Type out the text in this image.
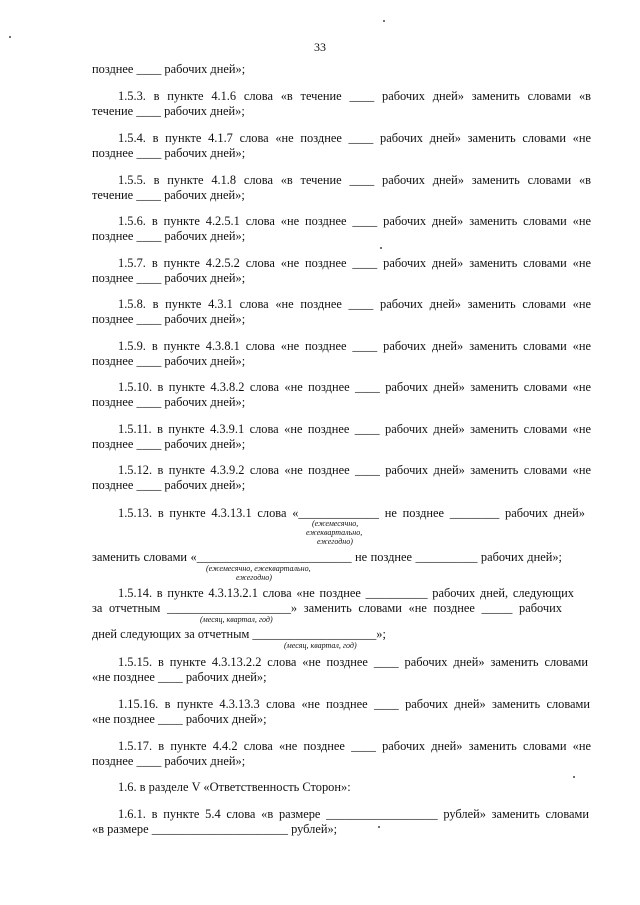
33
позднее ____ рабочих дней»;
1.5.3. в пункте 4.1.6 слова «в течение ____ рабочих дней» заменить словами «в
течение ____ рабочих дней»;
1.5.4. в пункте 4.1.7 слова «не позднее ____ рабочих дней» заменить словами «не
позднее ____ рабочих дней»;
1.5.5. в пункте 4.1.8 слова «в течение ____ рабочих дней» заменить словами «в
течение ____ рабочих дней»;
1.5.6. в пункте 4.2.5.1 слова «не позднее ____ рабочих дней» заменить словами «не
позднее ____ рабочих дней»;
1.5.7. в пункте 4.2.5.2 слова «не позднее ____ рабочих дней» заменить словами «не
позднее ____ рабочих дней»;
1.5.8. в пункте 4.3.1 слова «не позднее ____ рабочих дней» заменить словами «не
позднее ____ рабочих дней»;
1.5.9. в пункте 4.3.8.1 слова «не позднее ____ рабочих дней» заменить словами «не
позднее ____ рабочих дней»;
1.5.10. в пункте 4.3.8.2 слова «не позднее ____ рабочих дней» заменить словами «не
позднее ____ рабочих дней»;
1.5.11. в пункте 4.3.9.1 слова «не позднее ____ рабочих дней» заменить словами «не
позднее ____ рабочих дней»;
1.5.12. в пункте 4.3.9.2 слова «не позднее ____ рабочих дней» заменить словами «не
позднее ____ рабочих дней»;
1.5.13. в пункте 4.3.13.1 слова «_____________ не позднее ________ рабочих дней»
(ежемесячно,
ежеквартально,
ежегодно)
заменить словами «_________________________ не позднее __________ рабочих дней»;
(ежемесячно, ежеквартально,
ежегодно)
1.5.14. в пункте 4.3.13.2.1 слова «не позднее __________ рабочих дней, следующих
за отчетным ____________________» заменить словами «не позднее _____ рабочих
(месяц, квартал, год)
дней следующих за отчетным ____________________»;
(месяц, квартал, год)
1.5.15. в пункте 4.3.13.2.2 слова «не позднее ____ рабочих дней» заменить словами
«не позднее ____ рабочих дней»;
1.15.16. в пункте 4.3.13.3 слова «не позднее ____ рабочих дней» заменить словами
«не позднее ____ рабочих дней»;
1.5.17. в пункте 4.4.2 слова «не позднее ____ рабочих дней» заменить словами «не
позднее ____ рабочих дней»;
1.6. в разделе V «Ответственность Сторон»:
1.6.1. в пункте 5.4 слова «в размере __________________ рублей» заменить словами
«в размере ______________________ рублей»;
